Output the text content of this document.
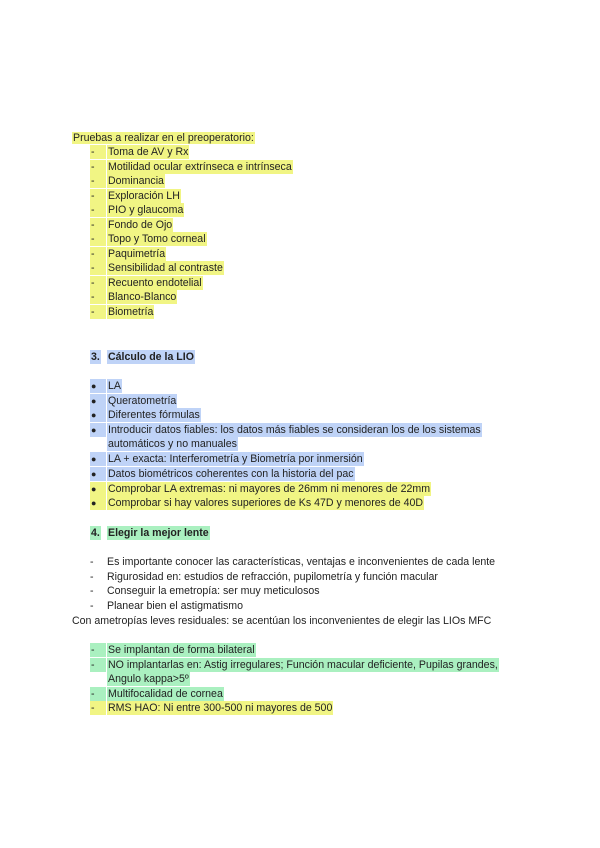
Pruebas a realizar en el preoperatorio:
-	Toma de AV y Rx
-	Motilidad ocular extrínseca e intrínseca
-	Dominancia
-	Exploración LH
-	PIO y glaucoma
-	Fondo de Ojo
-	Topo y Tomo corneal
-	Paquimetría
-	Sensibilidad al contraste
-	Recuento endotelial
-	Blanco-Blanco
-	Biometría
3. Cálculo de la LIO
●	LA
●	Queratometría
●	Diferentes fórmulas
●	Introducir datos fiables: los datos más fiables se consideran los de los sistemas
automáticos y no manuales
●	LA + exacta: Interferometría y Biometría por inmersión
●	Datos biométricos coherentes con la historia del pac
●	Comprobar LA extremas: ni mayores de 26mm ni menores de 22mm
●	Comprobar si hay valores superiores de Ks 47D y menores de 40D
4. Elegir la mejor lente
-	Es importante conocer las características, ventajas e inconvenientes de cada lente
-	Rigurosidad en: estudios de refracción, pupilometría y función macular
-	Conseguir la emetropía: ser muy meticulosos
-	Planear bien el astigmatismo
Con ametropías leves residuales: se acentúan los inconvenientes de elegir las LIOs MFC
-	Se implantan de forma bilateral
-	NO implantarlas en: Astig irregulares; Función macular deficiente, Pupilas grandes,
Angulo kappa>5º
-	Multifocalidad de cornea
-	RMS HAO: Ni entre 300-500 ni mayores de 500
